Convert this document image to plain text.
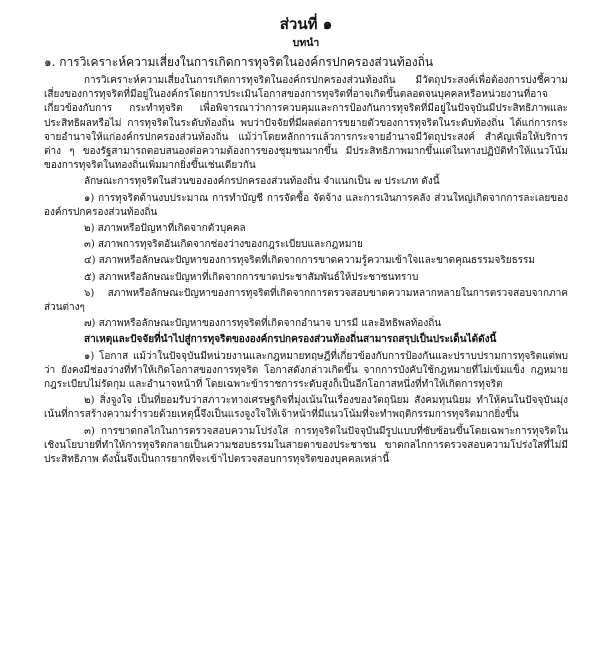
ส่วนที่ ๑
บทนำ
๑. การวิเคราะห์ความเสี่ยงในการเกิดการทุจริตในองค์กรปกครองส่วนท้องถิ่น

การวิเคราะห์ความเสี่ยงในการเกิดการทุจริตในองค์กรปกครองส่วนท้องถิ่น มีวัตถุประสงค์เพื่อต้องการบ่งชี้ความเสี่ยงของการทุจริตที่มีอยู่ในองค์กรโดยการประเมินโอกาสของการทุจริตที่อาจเกิดขึ้นตลอดจนบุคคลหรือหน่วยงานที่อาจเกี่ยวข้องกับการ กระทำทุจริต เพื่อพิจารณาว่าการควบคุมและการป้องกันการทุจริตที่มีอยู่ในปัจจุบันมีประสิทธิภาพและประสิทธิผลหรือไม่ การทุจริตในระดับท้องถิ่น พบว่าปัจจัยที่มีผลต่อการขยายตัวของการทุจริตในระดับท้องถิ่น ได้แก่การกระจายอำนาจให้แก่องค์กรปกครองส่วนท้องถิ่น แม้ว่าโดยหลักการแล้วการกระจายอำนาจมีวัตถุประสงค์ สำคัญเพื่อให้บริการต่าง ๆ ของรัฐสามารถตอบสนองต่อความต้องการของชุมชนมากขึ้น มีประสิทธิภาพมากขึ้นแต่ในทางปฏิบัติทำให้แนวโน้มของการทุจริตในทองถิ่นเพิ่มมากยิ่งขึ้นเช่นเดียวกัน

ลักษณะการทุจริตในส่วนขององค์กรปกครองส่วนท้องถิ่น จำแนกเป็น ๗ ประเภท ดังนี้

๑) การทุจริตด้านงบประมาณ การทำบัญชี การจัดซื้อ จัดจ้าง และการเงินการคลัง ส่วนใหญ่เกิดจากการละเลยขององค์กรปกครองส่วนท้องถิ่น

๒) สภาพหรือปัญหาที่เกิดจากตัวบุคคล

๓) สภาพการทุจริตอันเกิดจากช่องว่างของกฎระเบียบและกฎหมาย

๔) สภาพหรือลักษณะปัญหาของการทุจริตที่เกิดจากการขาดความรู้ความเข้าใจและขาดคุณธรรมจริยธรรม

๕) สภาพหรือลักษณะปัญหาที่เกิดจากการขาดประชาสัมพันธ์ให้ประชาชนทราบ

๖) สภาพหรือลักษณะปัญหาของการทุจริตที่เกิดจากการตรวจสอบขาดความหลากหลายในการตรวจสอบจากภาคส่วนต่างๆ

๗) สภาพหรือลักษณะปัญหาของการทุจริตที่เกิดจากอำนาจ บารมี และอิทธิพลท้องถิ่น

สาเหตุและปัจจัยที่นำไปสู่การทุจริตขององค์กรปกครองส่วนท้องถิ่นสามารถสรุปเป็นประเด็นได้ดังนี้

๑) โอกาส แม้ว่าในปัจจุบันมีหน่วยงานและกฎหมายทฤษฎีที่เกี่ยวข้องกับการป้องกันและปราบปรามการทุจริตแต่พบว่า ยังคงมีช่องว่างที่ทำให้เกิดโอกาสของการทุจริต โอกาสดังกล่าวเกิดขึ้น จากการบังคับใช้กฎหมายที่ไม่เข้มแข็ง กฎหมาย กฎระเบียบไม่รัดกุม และอำนาจหน้าที่ โดยเฉพาะข้าราชการระดับสูงก็เป็นอีกโอกาสหนึ่งที่ทำให้เกิดการทุจริต

๒) สิ่งจูงใจ เป็นที่ยอมรับว่าสภาวะทางเศรษฐกิจที่มุ่งเน้นในเรื่องของวัตถุนิยม สังคมทุนนิยม ทำให้คนในปัจจุบันมุ่งเน้นที่การสร้างความร่ำรวยด้วยเหตุนี้จึงเป็นแรงจูงใจให้เจ้าหน้าที่มีแนวโน้มที่จะทำพฤติกรรมการทุจริตมากยิ่งขึ้น

๓) การขาดกลไกในการตรวจสอบความโปร่งใส การทุจริตในปัจจุบันมีรูปแบบที่ซับซ้อนขึ้นโดยเฉพาะการทุจริตในเชิงนโยบายที่ทำให้การทุจริตกลายเป็นความชอบธรรมในสายตาของประชาชน ขาดกลไกการตรวจสอบความโปร่งใสที่ไม่มีประสิทธิภาพ ดังนั้นจึงเป็นการยากที่จะเข้าไปตรวจสอบการทุจริตของบุคคลเหล่านี้
